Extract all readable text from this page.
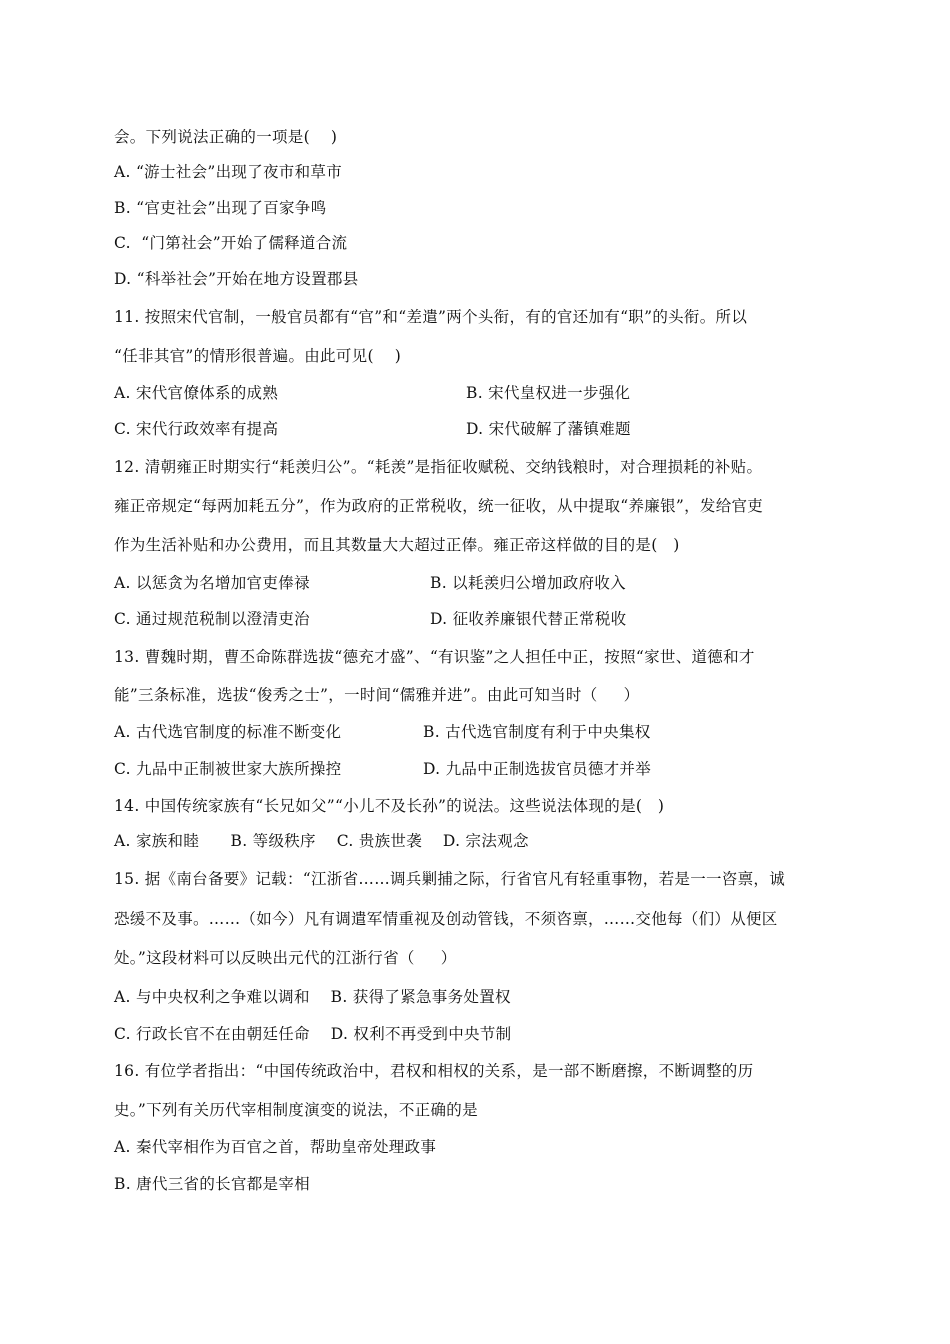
会。下列说法正确的一项是(    )
A. “游士社会”出现了夜市和草市
B. “官吏社会”出现了百家争鸣
C.  “门第社会”开始了儒释道合流
D. “科举社会”开始在地方设置郡县
11. 按照宋代官制，一般官员都有“官”和“差遣”两个头衔，有的官还加有“职”的头衔。所以
“任非其官”的情形很普遍。由此可见(    )
A. 宋代官僚体系的成熟	B. 宋代皇权进一步强化
C. 宋代行政效率有提高	D. 宋代破解了藩镇难题
12. 清朝雍正时期实行“耗羡归公”。“耗羡”是指征收赋税、交纳钱粮时，对合理损耗的补贴。
雍正帝规定“每两加耗五分”，作为政府的正常税收，统一征收，从中提取“养廉银”，发给官吏
作为生活补贴和办公费用，而且其数量大大超过正俸。雍正帝这样做的目的是(   )
A. 以惩贪为名增加官吏俸禄	B. 以耗羡归公增加政府收入
C. 通过规范税制以澄清吏治	D. 征收养廉银代替正常税收
13. 曹魏时期，曹丕命陈群选拔“德充才盛”、“有识鉴”之人担任中正，按照“家世、道德和才
能”三条标准，选拔“俊秀之士”，一时间“儒雅并进”。由此可知当时（     ）
A. 古代选官制度的标准不断变化	B. 古代选官制度有利于中央集权
C. 九品中正制被世家大族所操控	D. 九品中正制选拔官员德才并举
14. 中国传统家族有“长兄如父”“小儿不及长孙”的说法。这些说法体现的是(   )
A. 家族和睦      B. 等级秩序    C. 贵族世袭    D. 宗法观念
15. 据《南台备要》记载：“江浙省……调兵剿捕之际，行省官凡有轻重事物，若是一一咨禀，诚
恐缓不及事。……（如今）凡有调遣军情重视及创动管钱，不须咨禀，……交他每（们）从便区
处。”这段材料可以反映出元代的江浙行省（     ）
A. 与中央权利之争难以调和    B. 获得了紧急事务处置权
C. 行政长官不在由朝廷任命    D. 权利不再受到中央节制
16. 有位学者指出：“中国传统政治中，君权和相权的关系，是一部不断磨擦，不断调整的历
史。”下列有关历代宰相制度演变的说法，不正确的是
A. 秦代宰相作为百官之首，帮助皇帝处理政事
B. 唐代三省的长官都是宰相
